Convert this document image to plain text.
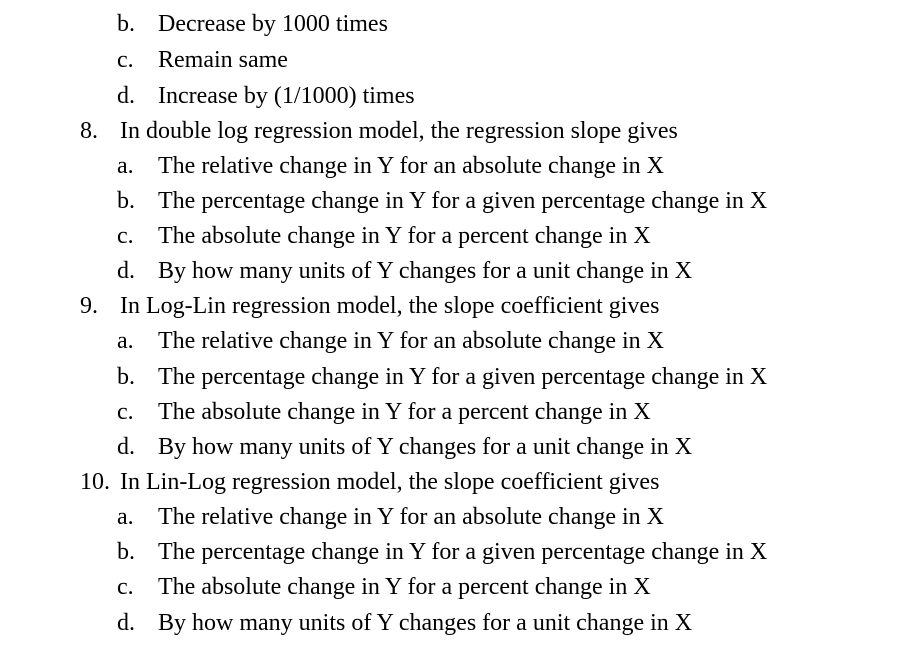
b. Decrease by 1000 times
c. Remain same
d. Increase by (1/1000) times
8. In double log regression model, the regression slope gives
a. The relative change in Y for an absolute change in X
b. The percentage change in Y for a given percentage change in X
c. The absolute change in Y for a percent change in X
d. By how many units of Y changes for a unit change in X
9. In Log-Lin regression model, the slope coefficient gives
a. The relative change in Y for an absolute change in X
b. The percentage change in Y for a given percentage change in X
c. The absolute change in Y for a percent change in X
d. By how many units of Y changes for a unit change in X
10. In Lin-Log regression model, the slope coefficient gives
a. The relative change in Y for an absolute change in X
b. The percentage change in Y for a given percentage change in X
c. The absolute change in Y for a percent change in X
d. By how many units of Y changes for a unit change in X
